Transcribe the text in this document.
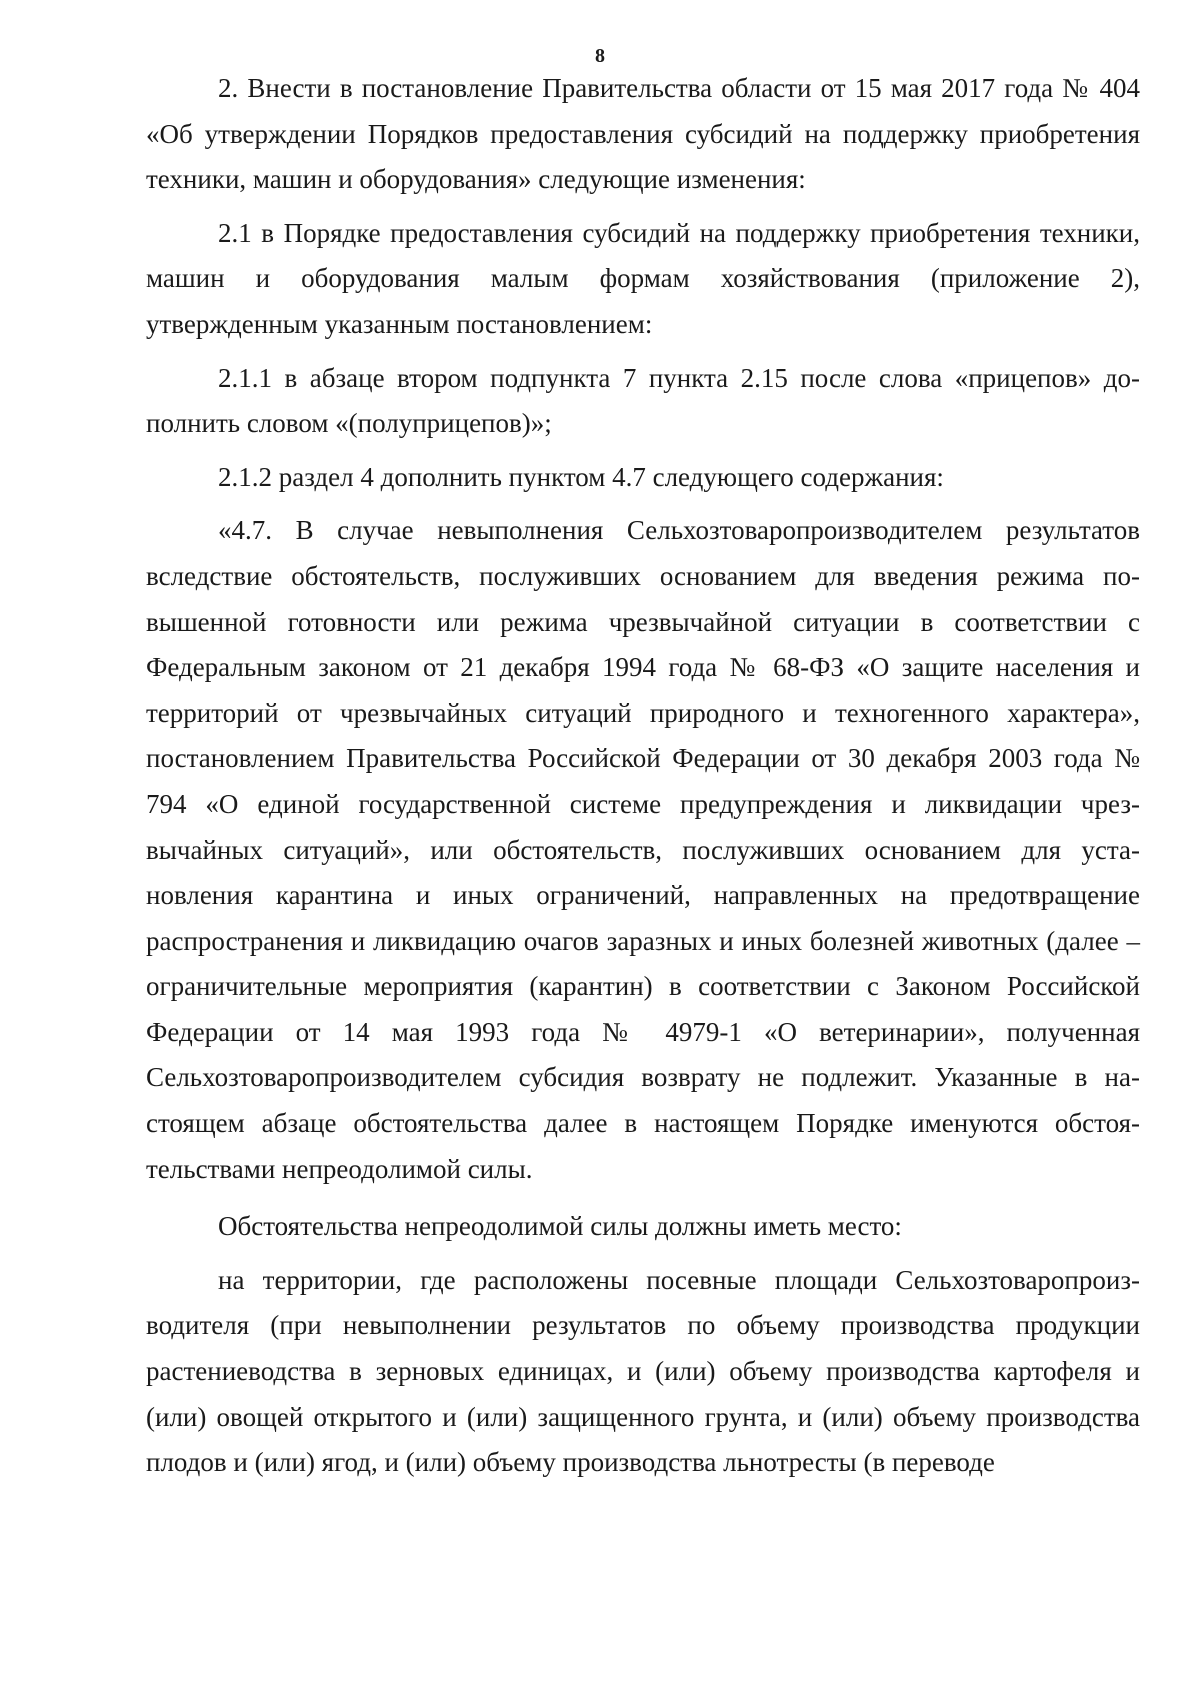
8

2. Внести в постановление Правительства области от 15 мая 2017 года № 404 «Об утверждении Порядков предоставления субсидий на поддержку приобретения техники, машин и оборудования» следующие изменения:

2.1 в Порядке предоставления субсидий на поддержку приобретения техники, машин и оборудования малым формам хозяйствования (приложение 2), утвержденным указанным постановлением:

2.1.1 в абзаце втором подпункта 7 пункта 2.15 после слова «прицепов» дополнить словом «(полуприцепов)»;

2.1.2 раздел 4 дополнить пунктом 4.7 следующего содержания:

«4.7. В случае невыполнения Сельхозтоваропроизводителем результатов вследствие обстоятельств, послуживших основанием для введения режима повышенной готовности или режима чрезвычайной ситуации в соответствии с Федеральным законом от 21 декабря 1994 года № 68-ФЗ «О защите населения и территорий от чрезвычайных ситуаций природного и техногенного характера», постановлением Правительства Российской Федерации от 30 декабря 2003 года № 794 «О единой государственной системе предупреждения и ликвидации чрезвычайных ситуаций», или обстоятельств, послуживших основанием для установления карантина и иных ограничений, направленных на предотвращение распространения и ликвидацию очагов заразных и иных болезней животных (далее – ограничительные мероприятия (карантин) в соответствии с Законом Российской Федерации от 14 мая 1993 года № 4979-1 «О ветеринарии», полученная Сельхозтоваропроизводителем субсидия возврату не подлежит. Указанные в настоящем абзаце обстоятельства далее в настоящем Порядке именуются обстоятельствами непреодолимой силы.

Обстоятельства непреодолимой силы должны иметь место:

на территории, где расположены посевные площади Сельхозтоваропроизводителя (при невыполнении результатов по объему производства продукции растениеводства в зерновых единицах, и (или) объему производства картофеля и (или) овощей открытого и (или) защищенного грунта, и (или) объему производства плодов и (или) ягод, и (или) объему производства льнотресты (в переводе
